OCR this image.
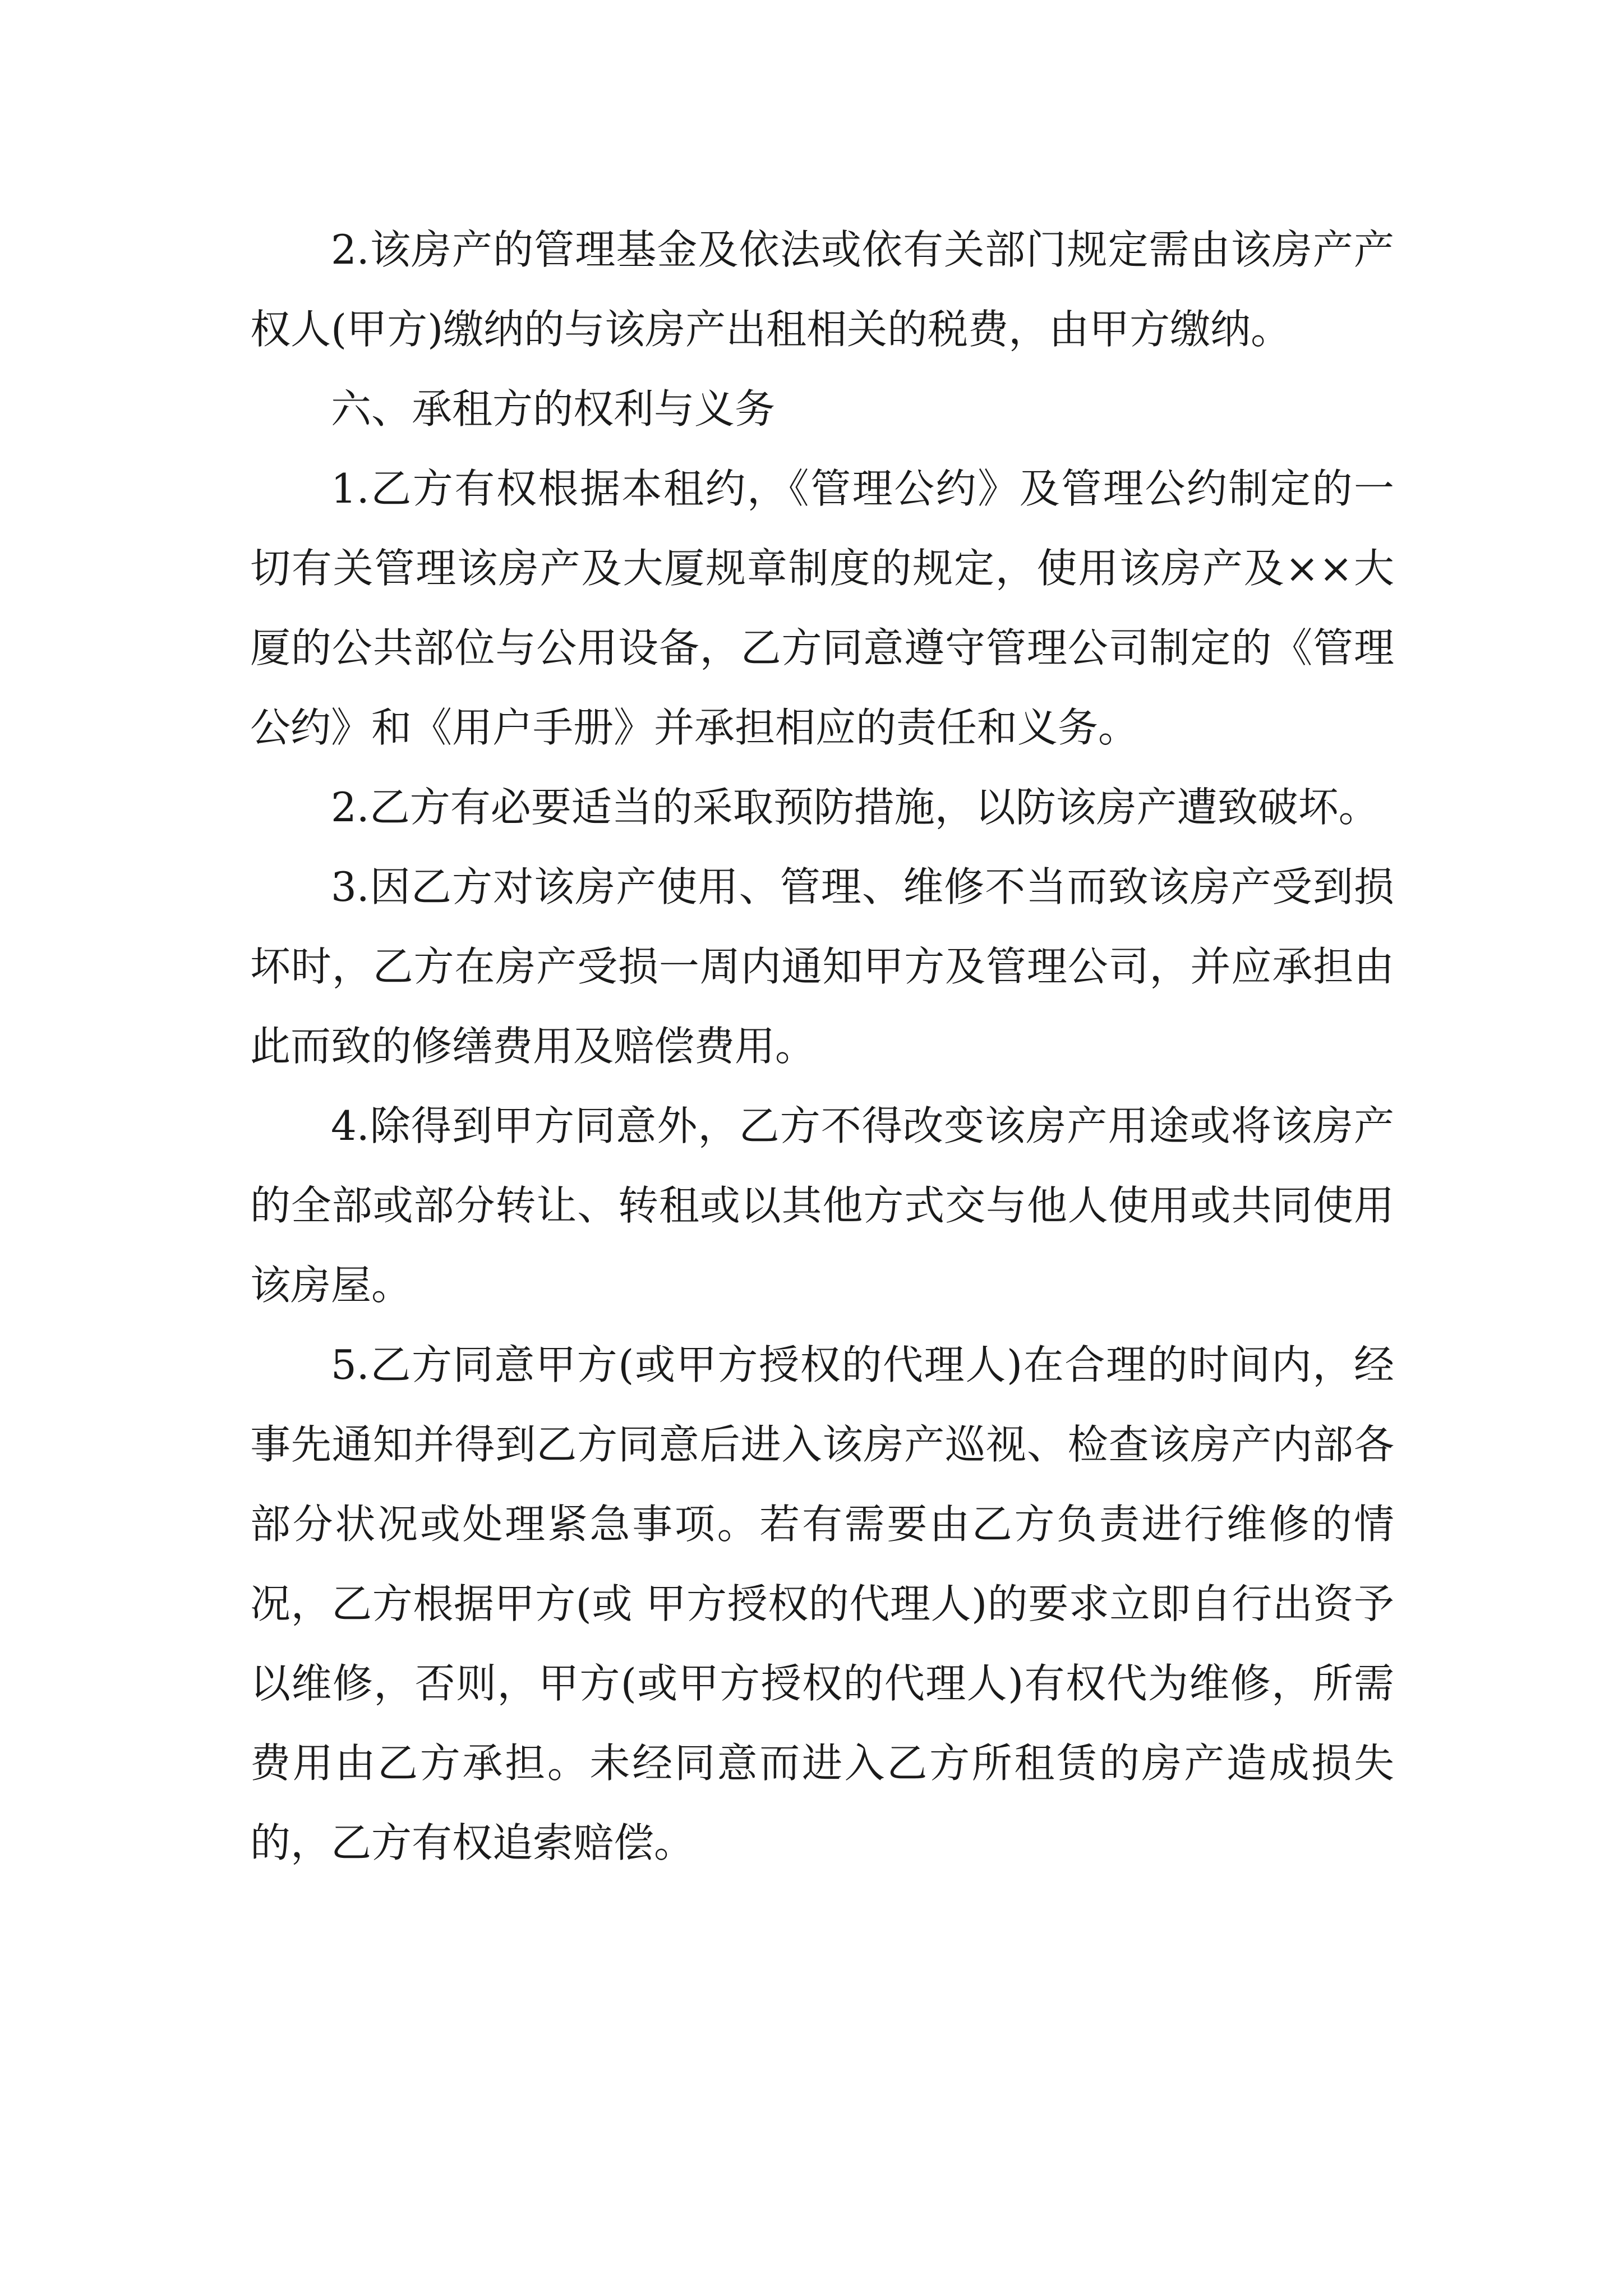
2.该房产的管理基金及依法或依有关部门规定需由该房产产权人(甲方)缴纳的与该房产出租相关的税费，由甲方缴纳。

六、承租方的权利与义务

1.乙方有权根据本租约，《管理公约》及管理公约制定的一切有关管理该房产及大厦规章制度的规定，使用该房产及××大厦的公共部位与公用设备，乙方同意遵守管理公司制定的《管理公约》和《用户手册》并承担相应的责任和义务。

2.乙方有必要适当的采取预防措施，以防该房产遭致破坏。

3.因乙方对该房产使用、管理、维修不当而致该房产受到损坏时，乙方在房产受损一周内通知甲方及管理公司，并应承担由此而致的修缮费用及赔偿费用。

4.除得到甲方同意外，乙方不得改变该房产用途或将该房产的全部或部分转让、转租或以其他方式交与他人使用或共同使用该房屋。

5.乙方同意甲方(或甲方授权的代理人)在合理的时间内，经事先通知并得到乙方同意后进入该房产巡视、检查该房产内部各部分状况或处理紧急事项。若有需要由乙方负责进行维修的情况，乙方根据甲方(或 甲方授权的代理人)的要求立即自行出资予以维修，否则，甲方(或甲方授权的代理人)有权代为维修，所需费用由乙方承担。未经同意而进入乙方所租赁的房产造成损失的，乙方有权追索赔偿。
